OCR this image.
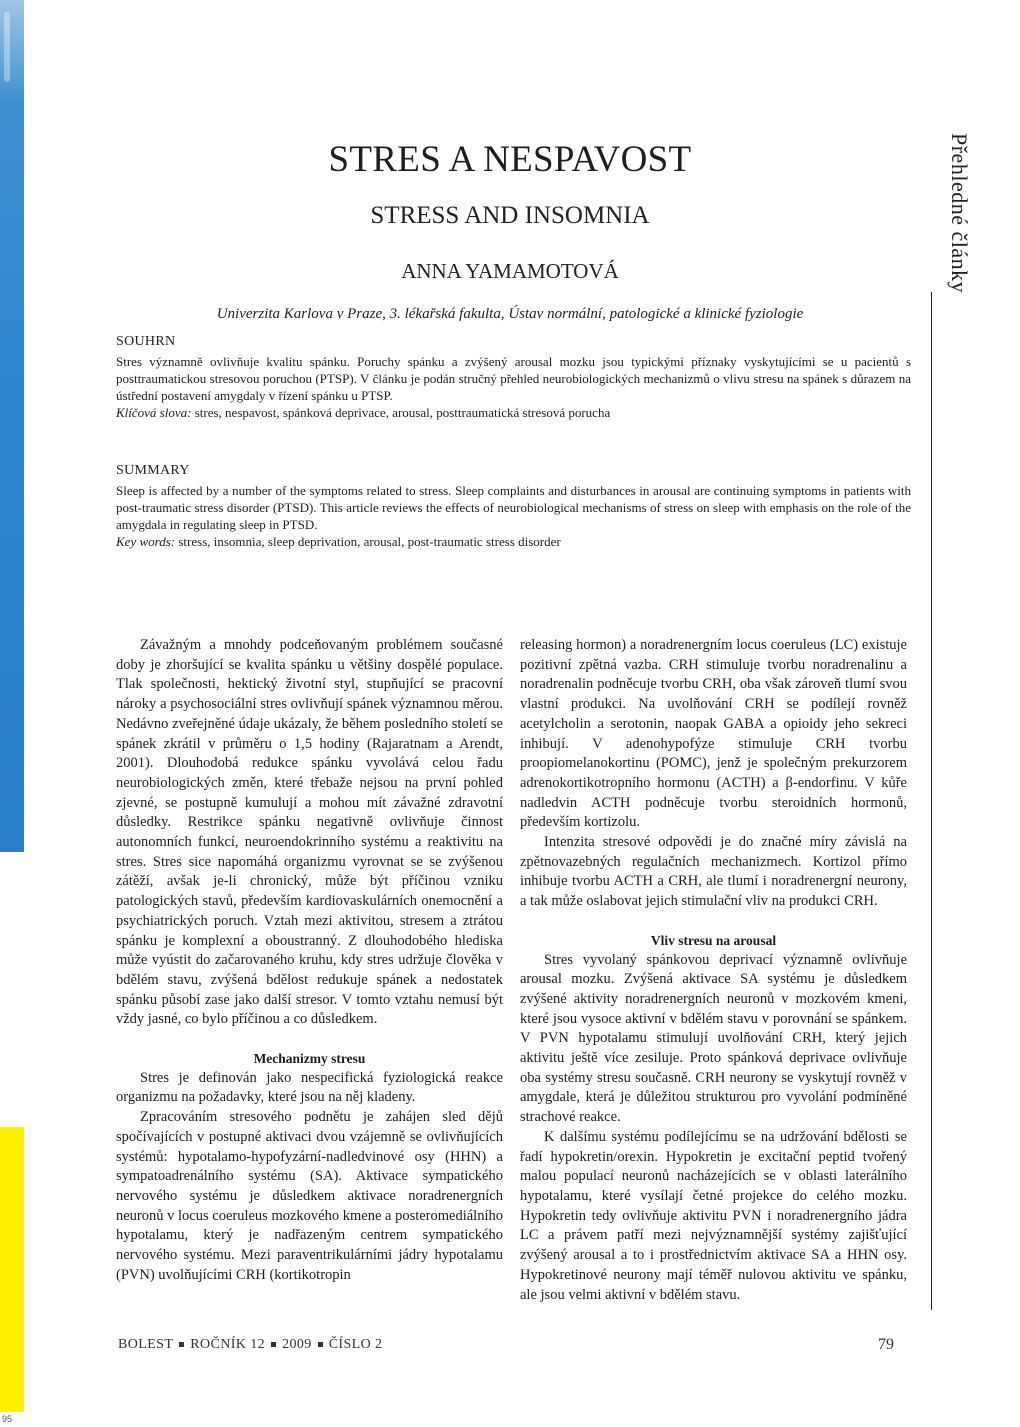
95
Přehledné články
STRES A NESPAVOST
STRESS AND INSOMNIA
ANNA YAMAMOTOVÁ
Univerzita Karlova v Praze, 3. lékařská fakulta, Ústav normální, patologické a klinické fyziologie
SOUHRN

Stres významně ovlivňuje kvalitu spánku. Poruchy spánku a zvýšený arousal mozku jsou typickými příznaky vyskytujícími se u pacientů s posttraumatickou stresovou poruchou (PTSP). V článku je podán stručný přehled neurobiologických mechanizmů o vlivu stresu na spánek s důrazem na ústřední postavení amygdaly v řízení spánku u PTSP.

Klíčová slova: stres, nespavost, spánková deprivace, arousal, posttraumatická stresová porucha

SUMMARY

Sleep is affected by a number of the symptoms related to stress. Sleep complaints and disturbances in arousal are continuing symptoms in patients with post-traumatic stress disorder (PTSD). This article reviews the effects of neurobiological mechanisms of stress on sleep with emphasis on the role of the amygdala in regulating sleep in PTSD.

Key words: stress, insomnia, sleep deprivation, arousal, post-traumatic stress disorder

Závažným a mnohdy podceňovaným problémem současné doby je zhoršující se kvalita spánku u většiny dospělé populace. Tlak společnosti, hektický životní styl, stupňující se pracovní nároky a psychosociální stres ovlivňují spánek významnou měrou. Nedávno zveřejněné údaje ukázaly, že během posledního století se spánek zkrátil v průměru o 1,5 hodiny (Rajaratnam a Arendt, 2001). Dlouhodobá redukce spánku vyvolává celou řadu neurobiologických změn, které třebaže nejsou na první pohled zjevné, se postupně kumulují a mohou mít závažné zdravotní důsledky. Restrikce spánku negativně ovlivňuje činnost autonomních funkcí, neuroendokrinního systému a reaktivitu na stres. Stres sice napomáhá organizmu vyrovnat se se zvýšenou zátěží, avšak je-li chronický, může být příčinou vzniku patologických stavů, především kardiovaskulárních onemocnění a psychiatrických poruch. Vztah mezi aktivitou, stresem a ztrátou spánku je komplexní a oboustranný. Z dlouhodobého hlediska může vyústit do začarovaného kruhu, kdy stres udržuje člověka v bdělém stavu, zvýšená bdělost redukuje spánek a nedostatek spánku působí zase jako další stresor. V tomto vztahu nemusí být vždy jasné, co bylo příčinou a co důsledkem.

Mechanizmy stresu

Stres je definován jako nespecifická fyziologická reakce organizmu na požadavky, které jsou na něj kladeny.

Zpracováním stresového podnětu je zahájen sled dějů spočívajících v postupné aktivaci dvou vzájemně se ovlivňujících systémů: hypotalamo-hypofyzární-nadledvinové osy (HHN) a sympatoadrenálního systému (SA). Aktivace sympatického nervového systému je důsledkem aktivace noradrenergních neuronů v locus coeruleus mozkového kmene a posteromediálního hypotalamu, který je nadřazeným centrem sympatického nervového systému. Mezi paraventrikulárními jádry hypotalamu (PVN) uvolňujícími CRH (kortikotropin

releasing hormon) a noradrenergním locus coeruleus (LC) existuje pozitivní zpětná vazba. CRH stimuluje tvorbu noradrenalinu a noradrenalin podněcuje tvorbu CRH, oba však zároveň tlumí svou vlastní produkci. Na uvolňování CRH se podílejí rovněž acetylcholin a serotonin, naopak GABA a opioidy jeho sekreci inhibují. V adenohypofýze stimuluje CRH tvorbu proopiomelanokortinu (POMC), jenž je společným prekurzorem adrenokortikotropního hormonu (ACTH) a β-endorfinu. V kůře nadledvin ACTH podněcuje tvorbu steroidních hormonů, především kortizolu.

Intenzita stresové odpovědi je do značné míry závislá na zpětnovazebných regulačních mechanizmech. Kortizol přímo inhibuje tvorbu ACTH a CRH, ale tlumí i noradrenergní neurony, a tak může oslabovat jejich stimulační vliv na produkci CRH.

Vliv stresu na arousal

Stres vyvolaný spánkovou deprivací významně ovlivňuje arousal mozku. Zvýšená aktivace SA systému je důsledkem zvýšené aktivity noradrenergních neuronů v mozkovém kmeni, které jsou vysoce aktivní v bdělém stavu v porovnání se spánkem. V PVN hypotalamu stimulují uvolňování CRH, který jejich aktivitu ještě více zesiluje. Proto spánková deprivace ovlivňuje oba systémy stresu současně. CRH neurony se vyskytují rovněž v amygdale, která je důležitou strukturou pro vyvolání podmíněné strachové reakce.

K dalšímu systému podílejícímu se na udržování bdělosti se řadí hypokretin/orexin. Hypokretin je excitační peptid tvořený malou populací neuronů nacházejících se v oblasti laterálního hypotalamu, které vysílají četné projekce do celého mozku. Hypokretin tedy ovlivňuje aktivitu PVN i noradrenergního jádra LC a právem patří mezi nejvýznamnější systémy zajišťující zvýšený arousal a to i prostřednictvím aktivace SA a HHN osy. Hypokretinové neurony mají téměř nulovou aktivitu ve spánku, ale jsou velmi aktivní v bdělém stavu.

BOLEST ROČNÍK 12 2009 ČÍSLO 2	79
